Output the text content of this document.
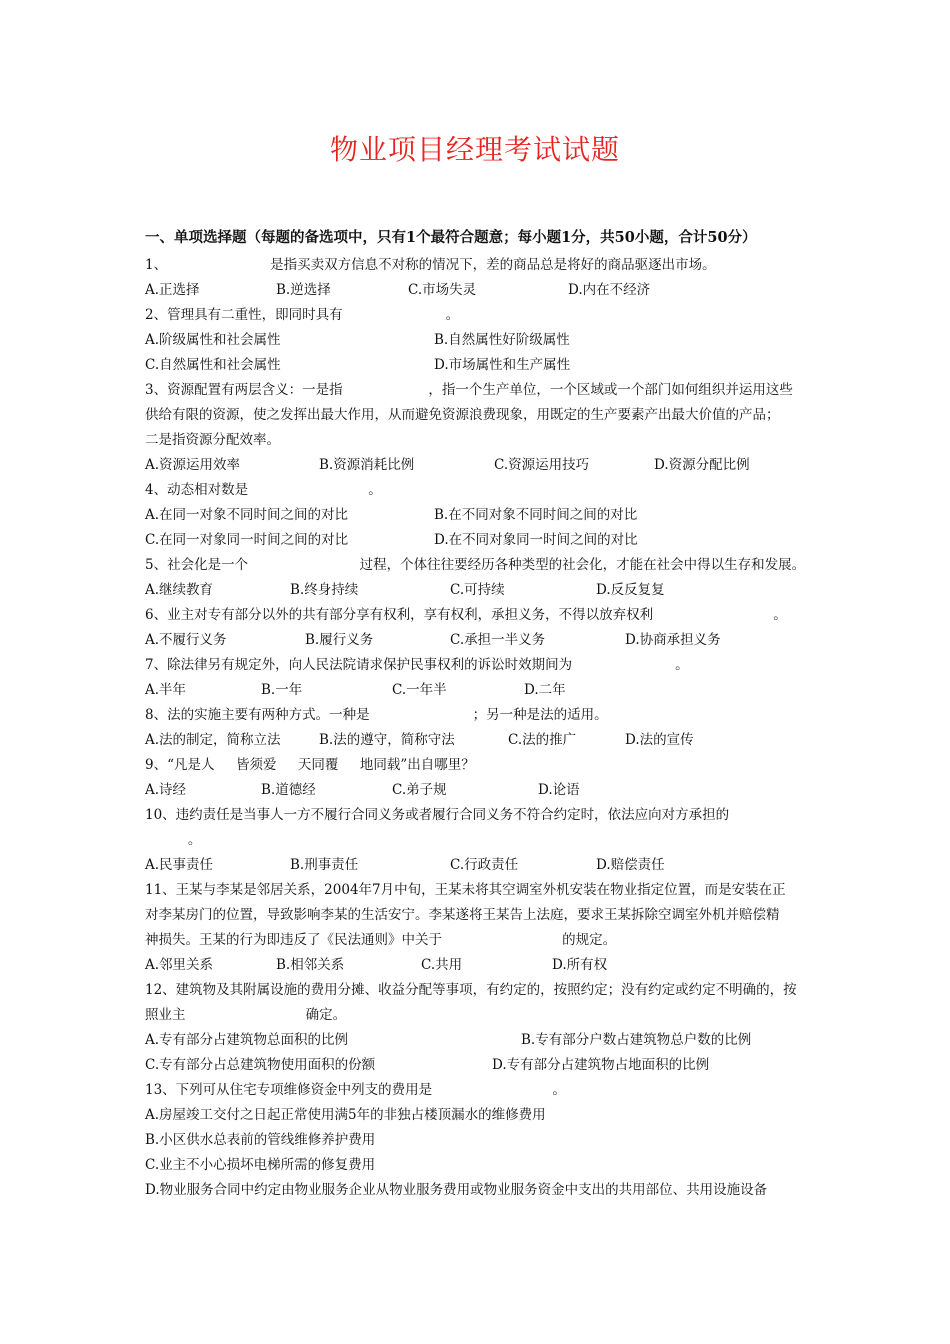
物业项目经理考试试题
一、单项选择题（每题的备选项中，只有1个最符合题意；每小题1分，共50小题，合计50分）
1、                        是指买卖双方信息不对称的情况下，差的商品总是将好的商品驱逐出市场。
A.正选择	B.逆选择	C.市场失灵	D.内在不经济
2、管理具有二重性，即同时具有                        。
A.阶级属性和社会属性	B.自然属性好阶级属性
C.自然属性和社会属性	D.市场属性和生产属性
3、资源配置有两层含义：一是指                    ，指一个生产单位，一个区域或一个部门如何组织并运用这些
供给有限的资源，使之发挥出最大作用，从而避免资源浪费现象，用既定的生产要素产出最大价值的产品；
二是指资源分配效率。
A.资源运用效率	B.资源消耗比例	C.资源运用技巧	D.资源分配比例
4、动态相对数是                            。
A.在同一对象不同时间之间的对比	B.在不同对象不同时间之间的对比
C.在同一对象同一时间之间的对比	D.在不同对象同一时间之间的对比
5、社会化是一个                          过程，个体往往要经历各种类型的社会化，才能在社会中得以生存和发展。
A.继续教育	B.终身持续	C.可持续	D.反反复复
6、业主对专有部分以外的共有部分享有权利，享有权利，承担义务，不得以放弃权利                            。
A.不履行义务	B.履行义务	C.承担一半义务	D.协商承担义务
7、除法律另有规定外，向人民法院请求保护民事权利的诉讼时效期间为                        。
A.半年	B.一年	C.一年半	D.二年
8、法的实施主要有两种方式。一种是                        ；另一种是法的适用。
A.法的制定，简称立法	B.法的遵守，简称守法	C.法的推广	D.法的宣传
9、“凡是人     皆须爱     天同覆     地同载”出自哪里？
A.诗经	B.道德经	C.弟子规	D.论语
10、违约责任是当事人一方不履行合同义务或者履行合同义务不符合约定时，依法应向对方承担的
。
A.民事责任	B.刑事责任	C.行政责任	D.赔偿责任
11、王某与李某是邻居关系，2004年7月中旬，王某未将其空调室外机安装在物业指定位置，而是安装在正
对李某房门的位置，导致影响李某的生活安宁。李某遂将王某告上法庭，要求王某拆除空调室外机并赔偿精
神损失。王某的行为即违反了《民法通则》中关于                            的规定。
A.邻里关系	B.相邻关系	C.共用	D.所有权
12、建筑物及其附属设施的费用分摊、收益分配等事项，有约定的，按照约定；没有约定或约定不明确的，按
照业主                            确定。
A.专有部分占建筑物总面积的比例	B.专有部分户数占建筑物总户数的比例
C.专有部分占总建筑物使用面积的份额	D.专有部分占建筑物占地面积的比例
13、下列可从住宅专项维修资金中列支的费用是                            。
A.房屋竣工交付之日起正常使用满5年的非独占楼顶漏水的维修费用
B.小区供水总表前的管线维修养护费用
C.业主不小心损坏电梯所需的修复费用
D.物业服务合同中约定由物业服务企业从物业服务费用或物业服务资金中支出的共用部位、共用设施设备
